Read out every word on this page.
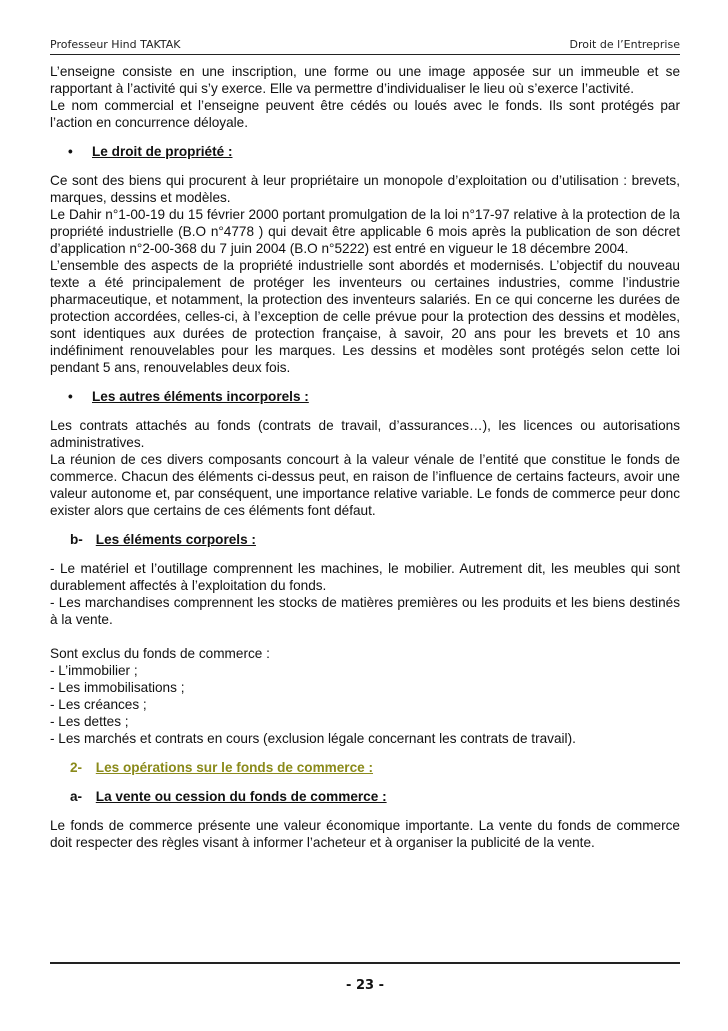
Professeur Hind TAKTAK	Droit de l’Entreprise

L’enseigne consiste en une inscription, une forme ou une image apposée sur un immeuble et se rapportant à l’activité qui s’y exerce. Elle va permettre d’individualiser le lieu où s’exerce l’activité.

Le nom commercial et l’enseigne peuvent être cédés ou loués avec le fonds. Ils sont protégés par l’action en concurrence déloyale.

• Le droit de propriété :

Ce sont des biens qui procurent à leur propriétaire un monopole d’exploitation ou d’utilisation : brevets, marques, dessins et modèles.

Le Dahir n°1-00-19 du 15 février 2000 portant promulgation de la loi n°17-97 relative à la protection de la propriété industrielle (B.O n°4778 ) qui devait être applicable 6 mois après la publication de son décret d’application n°2-00-368 du 7 juin 2004 (B.O n°5222) est entré en vigueur le 18 décembre 2004.

L’ensemble des aspects de la propriété industrielle sont abordés et modernisés. L’objectif du nouveau texte a été principalement de protéger les inventeurs ou certaines industries, comme l’industrie pharmaceutique, et notamment, la protection des inventeurs salariés. En ce qui concerne les durées de protection accordées, celles-ci, à l’exception de celle prévue pour la protection des dessins et modèles, sont identiques aux durées de protection française, à savoir, 20 ans pour les brevets et 10 ans indéfiniment renouvelables pour les marques. Les dessins et modèles sont protégés selon cette loi pendant 5 ans, renouvelables deux fois.

• Les autres éléments incorporels :

Les contrats attachés au fonds (contrats de travail, d’assurances…), les licences ou autorisations administratives.

La réunion de ces divers composants concourt à la valeur vénale de l’entité que constitue le fonds de commerce. Chacun des éléments ci-dessus peut, en raison de l’influence de certains facteurs, avoir une valeur autonome et, par conséquent, une importance relative variable. Le fonds de commerce peur donc exister alors que certains de ces éléments font défaut.

b- Les éléments corporels :

- Le matériel et l’outillage comprennent les machines, le mobilier. Autrement dit, les meubles qui sont durablement affectés à l’exploitation du fonds.

- Les marchandises comprennent les stocks de matières premières ou les produits et les biens destinés à la vente.

Sont exclus du fonds de commerce :

- L’immobilier ;

- Les immobilisations ;

- Les créances ;

- Les dettes ;

- Les marchés et contrats en cours (exclusion légale concernant les contrats de travail).

2- Les opérations sur le fonds de commerce :
a- La vente ou cession du fonds de commerce :

Le fonds de commerce présente une valeur économique importante. La vente du fonds de commerce doit respecter des règles visant à informer l’acheteur et à organiser la publicité de la vente.

- 23 -
